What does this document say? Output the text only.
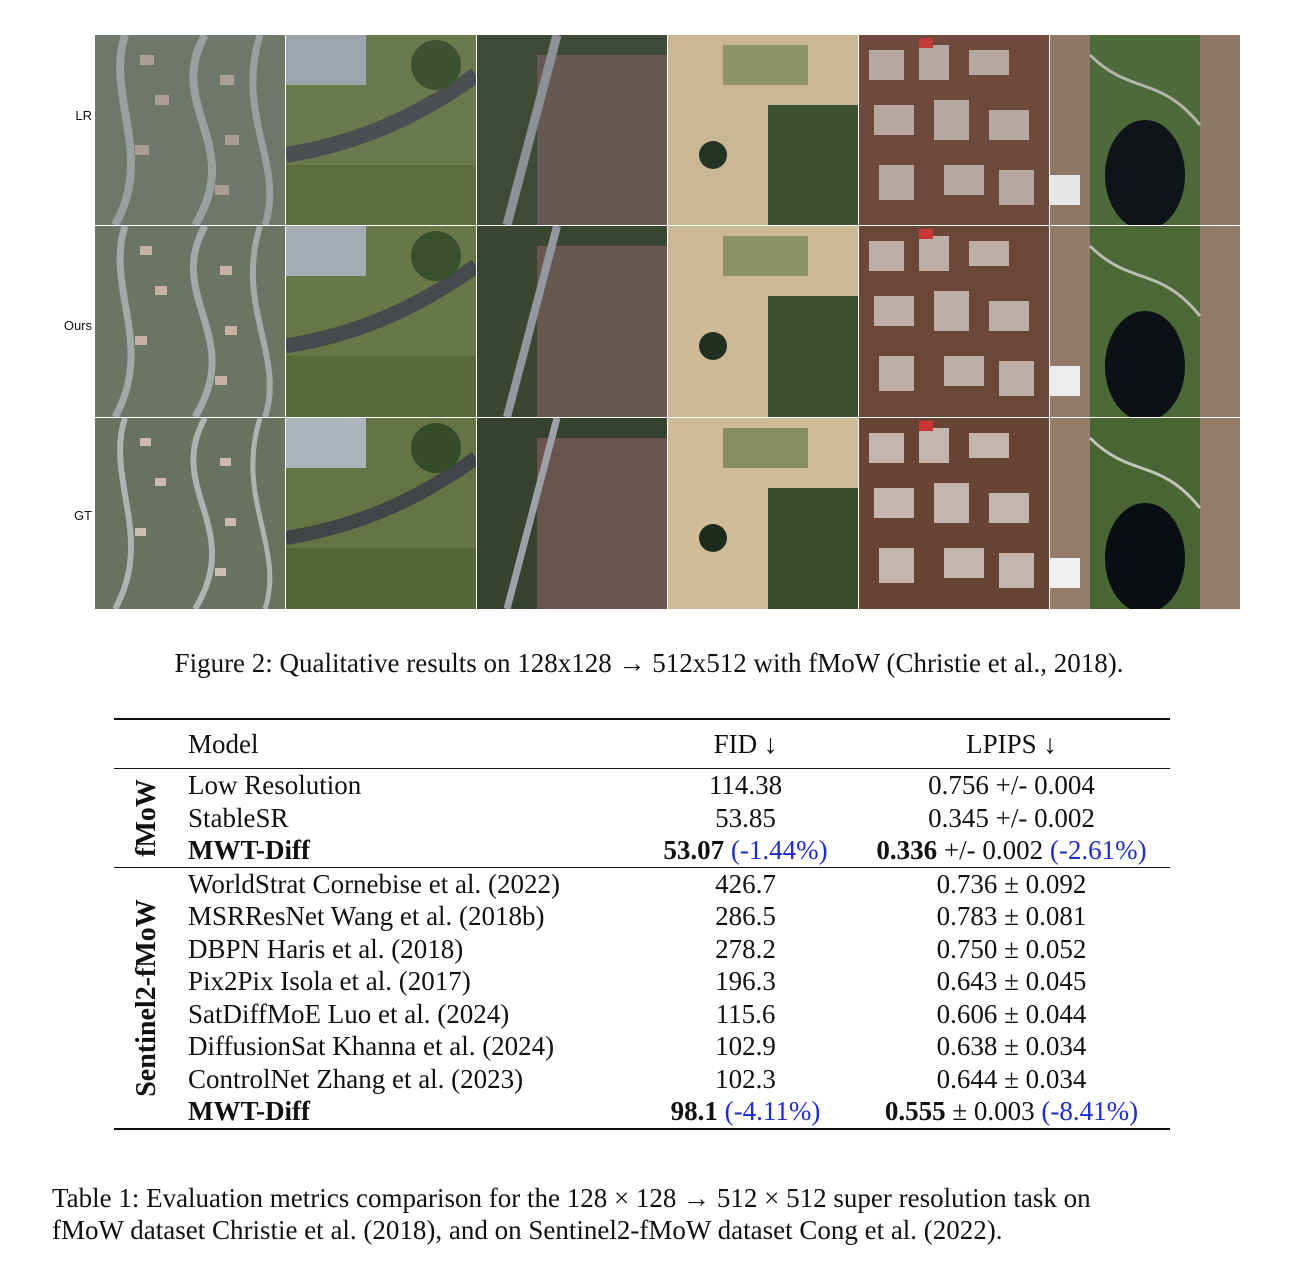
LR
Ours
GT
Figure 2: Qualitative results on 128x128 → 512x512 with fMoW (Christie et al., 2018).
	Model	FID ↓	LPIPS ↓

fMoW	Low Resolution	114.38	0.756 +/- 0.004
	StableSR	53.85	0.345 +/- 0.002
	MWT-Diff	53.07 (-1.44%)	0.336 +/- 0.002 (-2.61%)

Sentinel2-fMoW	WorldStrat Cornebise et al. (2022)	426.7	0.736 ± 0.092
	MSRResNet Wang et al. (2018b)	286.5	0.783 ± 0.081
	DBPN Haris et al. (2018)	278.2	0.750 ± 0.052
	Pix2Pix Isola et al. (2017)	196.3	0.643 ± 0.045
	SatDiffMoE Luo et al. (2024)	115.6	0.606 ± 0.044
	DiffusionSat Khanna et al. (2024)	102.9	0.638 ± 0.034
	ControlNet Zhang et al. (2023)	102.3	0.644 ± 0.034
	MWT-Diff	98.1 (-4.11%)	0.555 ± 0.003 (-8.41%)
Table 1: Evaluation metrics comparison for the 128 × 128 → 512 × 512 super resolution task on
fMoW dataset Christie et al. (2018), and on Sentinel2-fMoW dataset Cong et al. (2022).
